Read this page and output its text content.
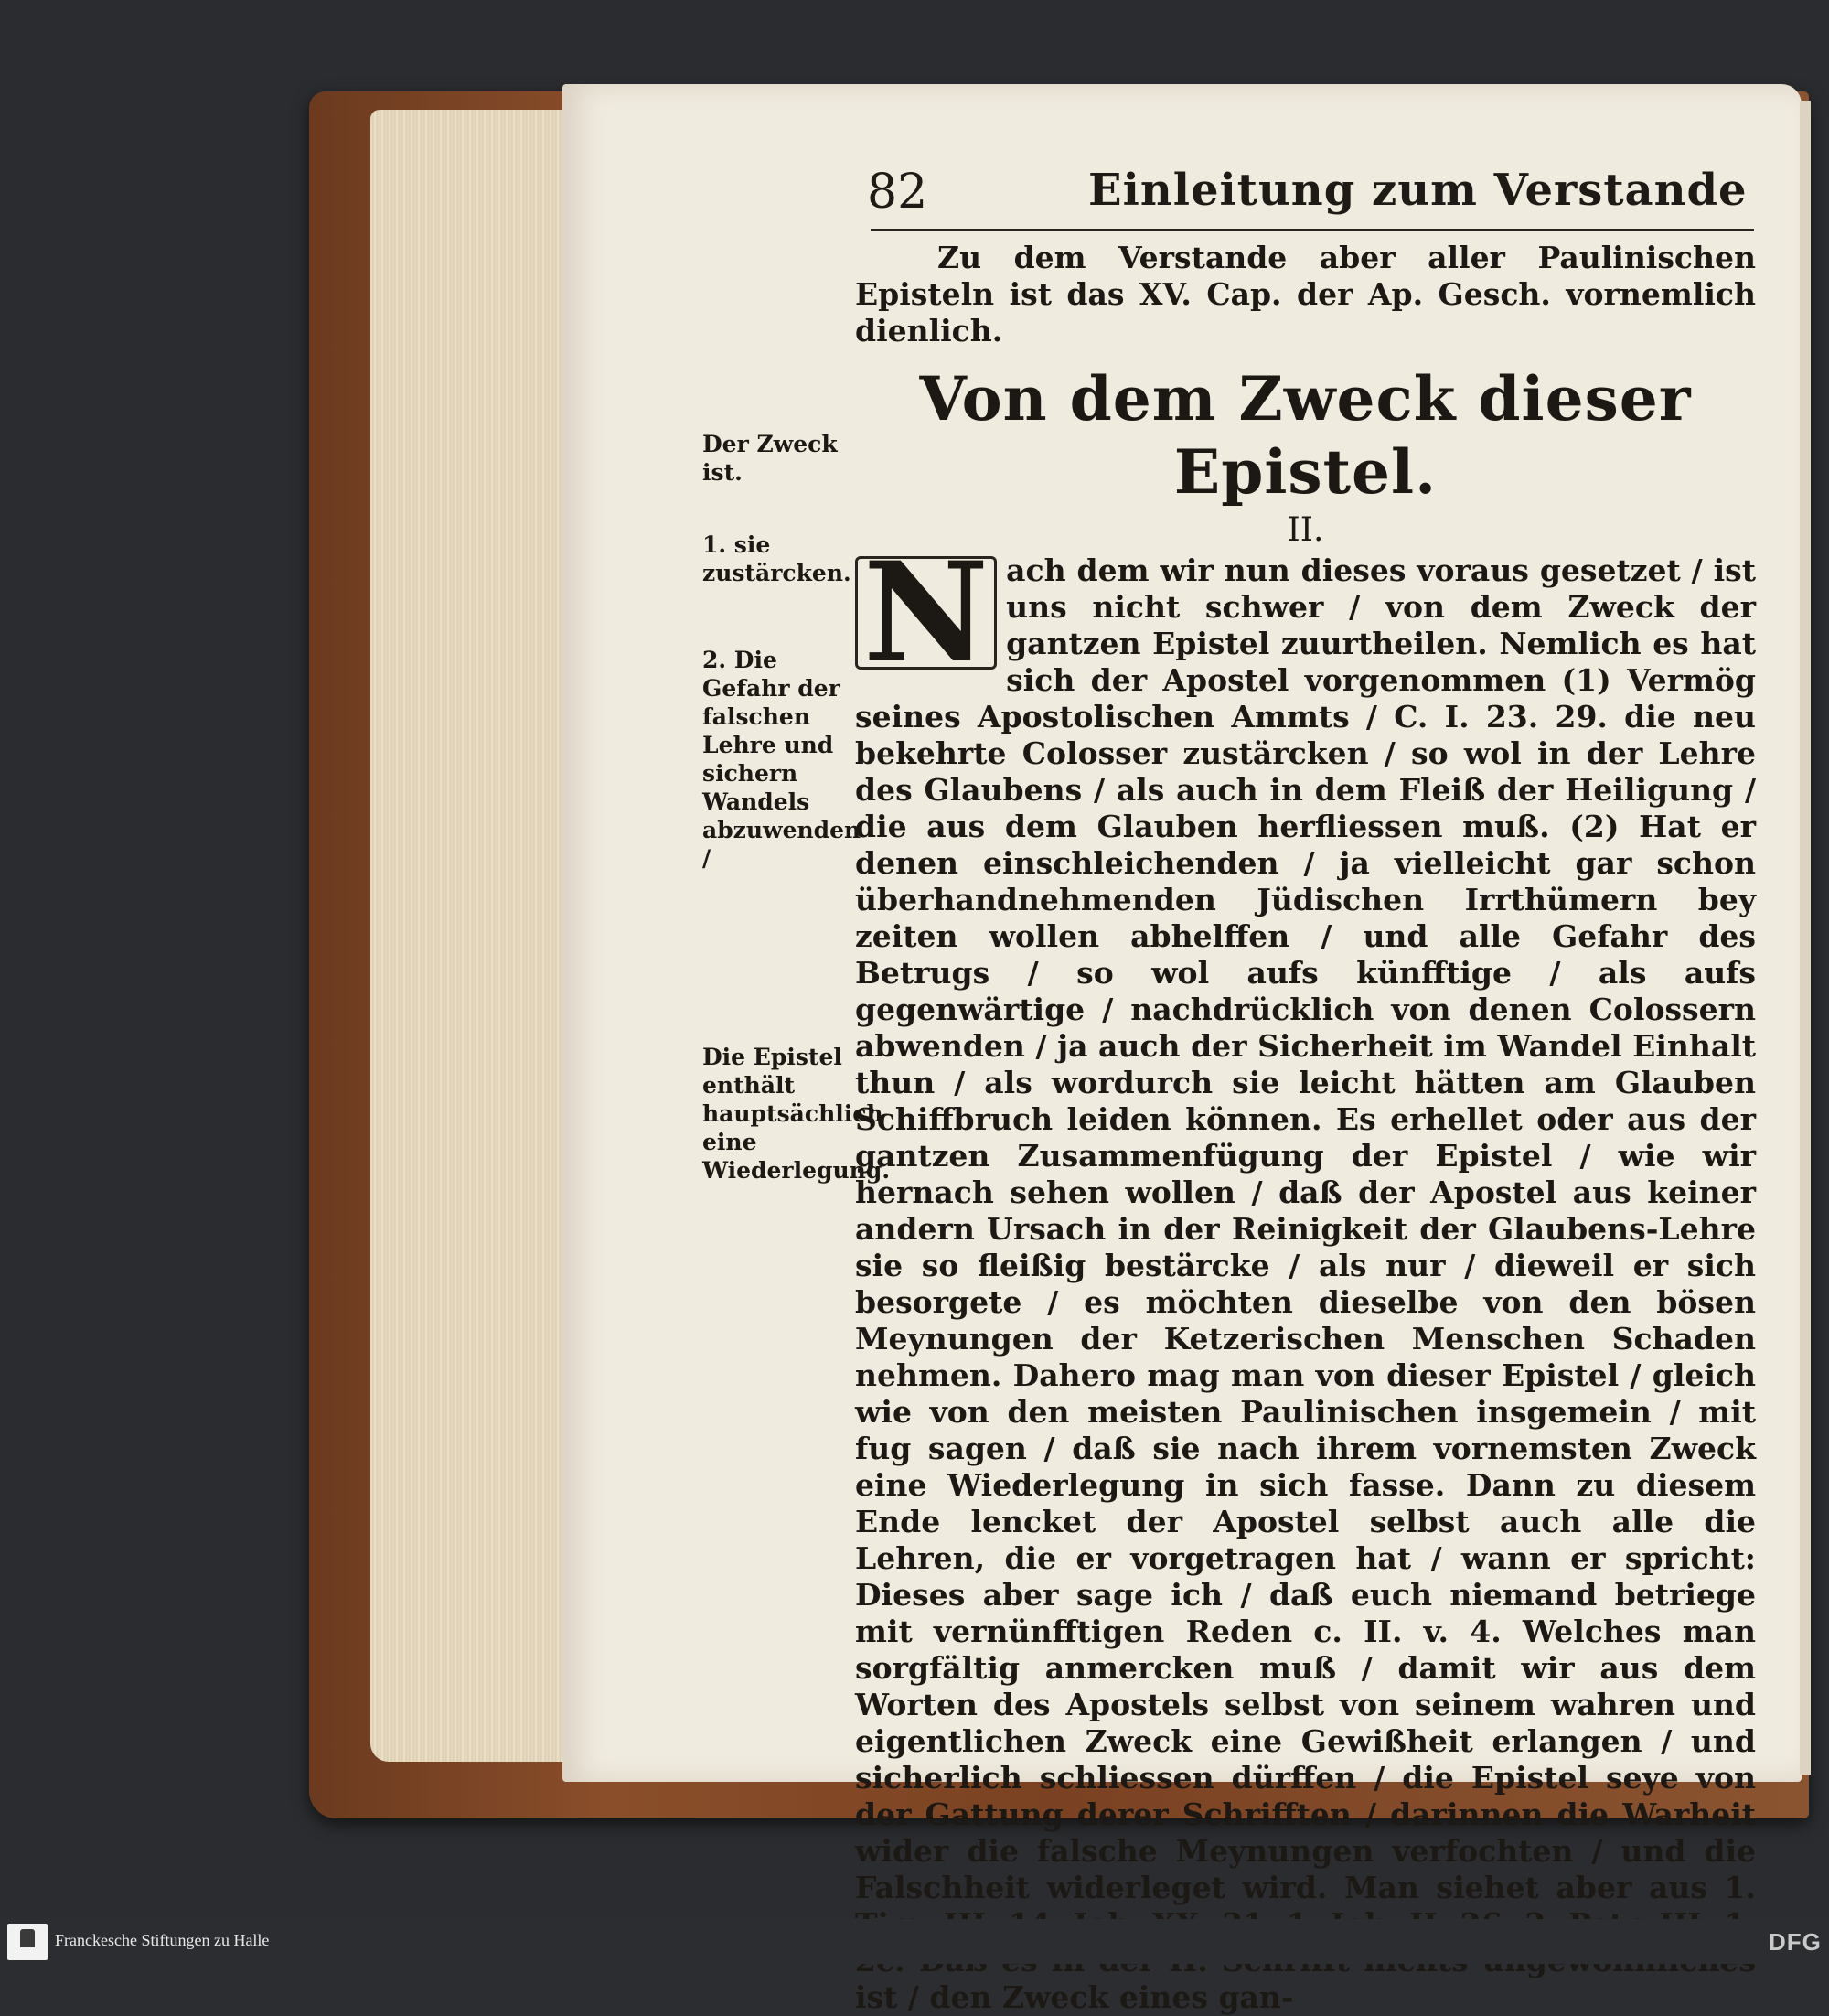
82	Einleitung zum Verstande

Zu dem Verstande aber aller Paulinischen Episteln ist das XV. Cap. der Ap. Gesch. vornemlich dienlich.

Von dem Zweck dieser Epistel.
II.

N ach dem wir nun dieses voraus gesetzet / ist uns nicht schwer / von dem Zweck der gantzen Epistel zuurtheilen. Nemlich es hat sich der Apostel vorgenommen (1) Vermög seines Apostolischen Ammts / C. I. 23. 29. die neu bekehrte Colosser zustärcken / so wol in der Lehre des Glaubens / als auch in dem Fleiß der Heiligung / die aus dem Glauben herfliessen muß. (2) Hat er denen einschleichenden / ja vielleicht gar schon überhandnehmenden Jüdischen Irrthümern bey zeiten wollen abhelffen / und alle Gefahr des Betrugs / so wol aufs künfftige / als aufs gegenwärtige / nachdrücklich von denen Colossern abwenden / ja auch der Sicherheit im Wandel Einhalt thun / als wordurch sie leicht hätten am Glauben Schiffbruch leiden können. Es erhellet oder aus der gantzen Zusammenfügung der Epistel / wie wir hernach sehen wollen / daß der Apostel aus keiner andern Ursach in der Reinigkeit der Glaubens-Lehre sie so fleißig bestärcke / als nur / dieweil er sich besorgete / es möchten dieselbe von den bösen Meynungen der Ketzerischen Menschen Schaden nehmen. Dahero mag man von dieser Epistel / gleich wie von den meisten Paulinischen insgemein / mit fug sagen / daß sie nach ihrem vornemsten Zweck eine Wiederlegung in sich fasse. Dann zu diesem Ende lencket der Apostel selbst auch alle die Lehren, die er vorgetragen hat / wann er spricht: Dieses aber sage ich / daß euch niemand betriege mit vernünfftigen Reden c. II. v. 4. Welches man sorgfältig anmercken muß / damit wir aus dem Worten des Apostels selbst von seinem wahren und eigentlichen Zweck eine Gewißheit erlangen / und sicherlich schliessen dürffen / die Epistel seye von der Gattung derer Schrifften / darinnen die Warheit wider die falsche Meynungen verfochten / und die Falschheit widerleget wird. Man siehet aber aus 1. ist / den Zweck eines gan-

Der Zweck ist.
1. sie zustärcken.
2. Die Gefahr der falschen Lehre und sichern Wandels abzuwenden /
Die Epistel enthält hauptsächlich eine Wiederlegung.
Franckesche Stiftungen zu Halle	DFG
